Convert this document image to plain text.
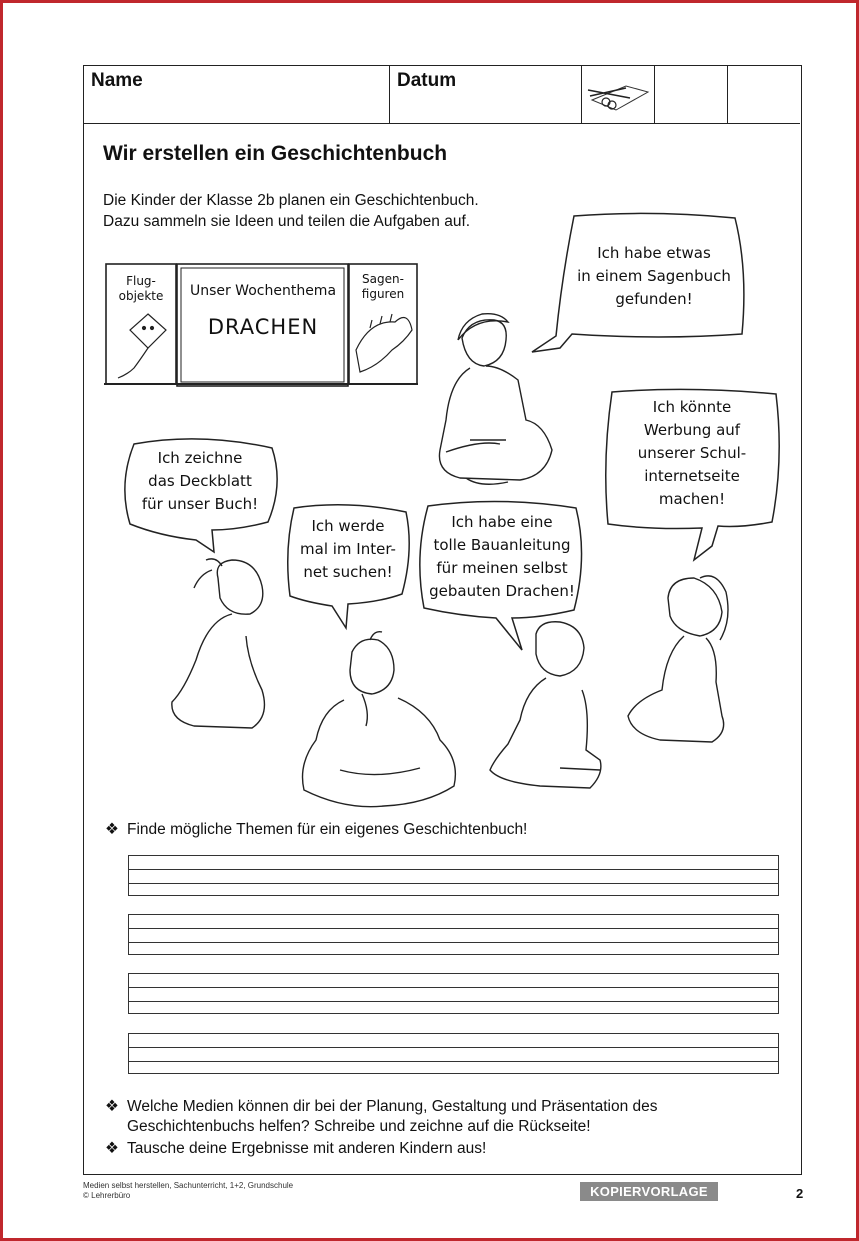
Name	Datum
Wir erstellen ein Geschichtenbuch
Die Kinder der Klasse 2b planen ein Geschichtenbuch.
Dazu sammeln sie Ideen und teilen die Aufgaben auf.
Flug-
objekte	Unser Wochenthema
DRACHEN
Sagen-
figuren
Ich habe etwas
in einem Sagenbuch
gefunden!
Ich könnte
Werbung auf
unserer Schul-
internetseite
machen!
Ich zeichne
das Deckblatt
für unser Buch!
Ich werde
mal im Inter-
net suchen!
Ich habe eine
tolle Bauanleitung
für meinen selbst
gebauten Drachen!
❖ Finde mögliche Themen für ein eigenes Geschichtenbuch!
❖ Welche Medien können dir bei der Planung, Gestaltung und Präsentation des
Geschichtenbuchs helfen? Schreibe und zeichne auf die Rückseite!
❖ Tausche deine Ergebnisse mit anderen Kindern aus!
Medien selbst herstellen, Sachunterricht, 1+2, Grundschule
© Lehrerbüro	KOPIERVORLAGE	2
